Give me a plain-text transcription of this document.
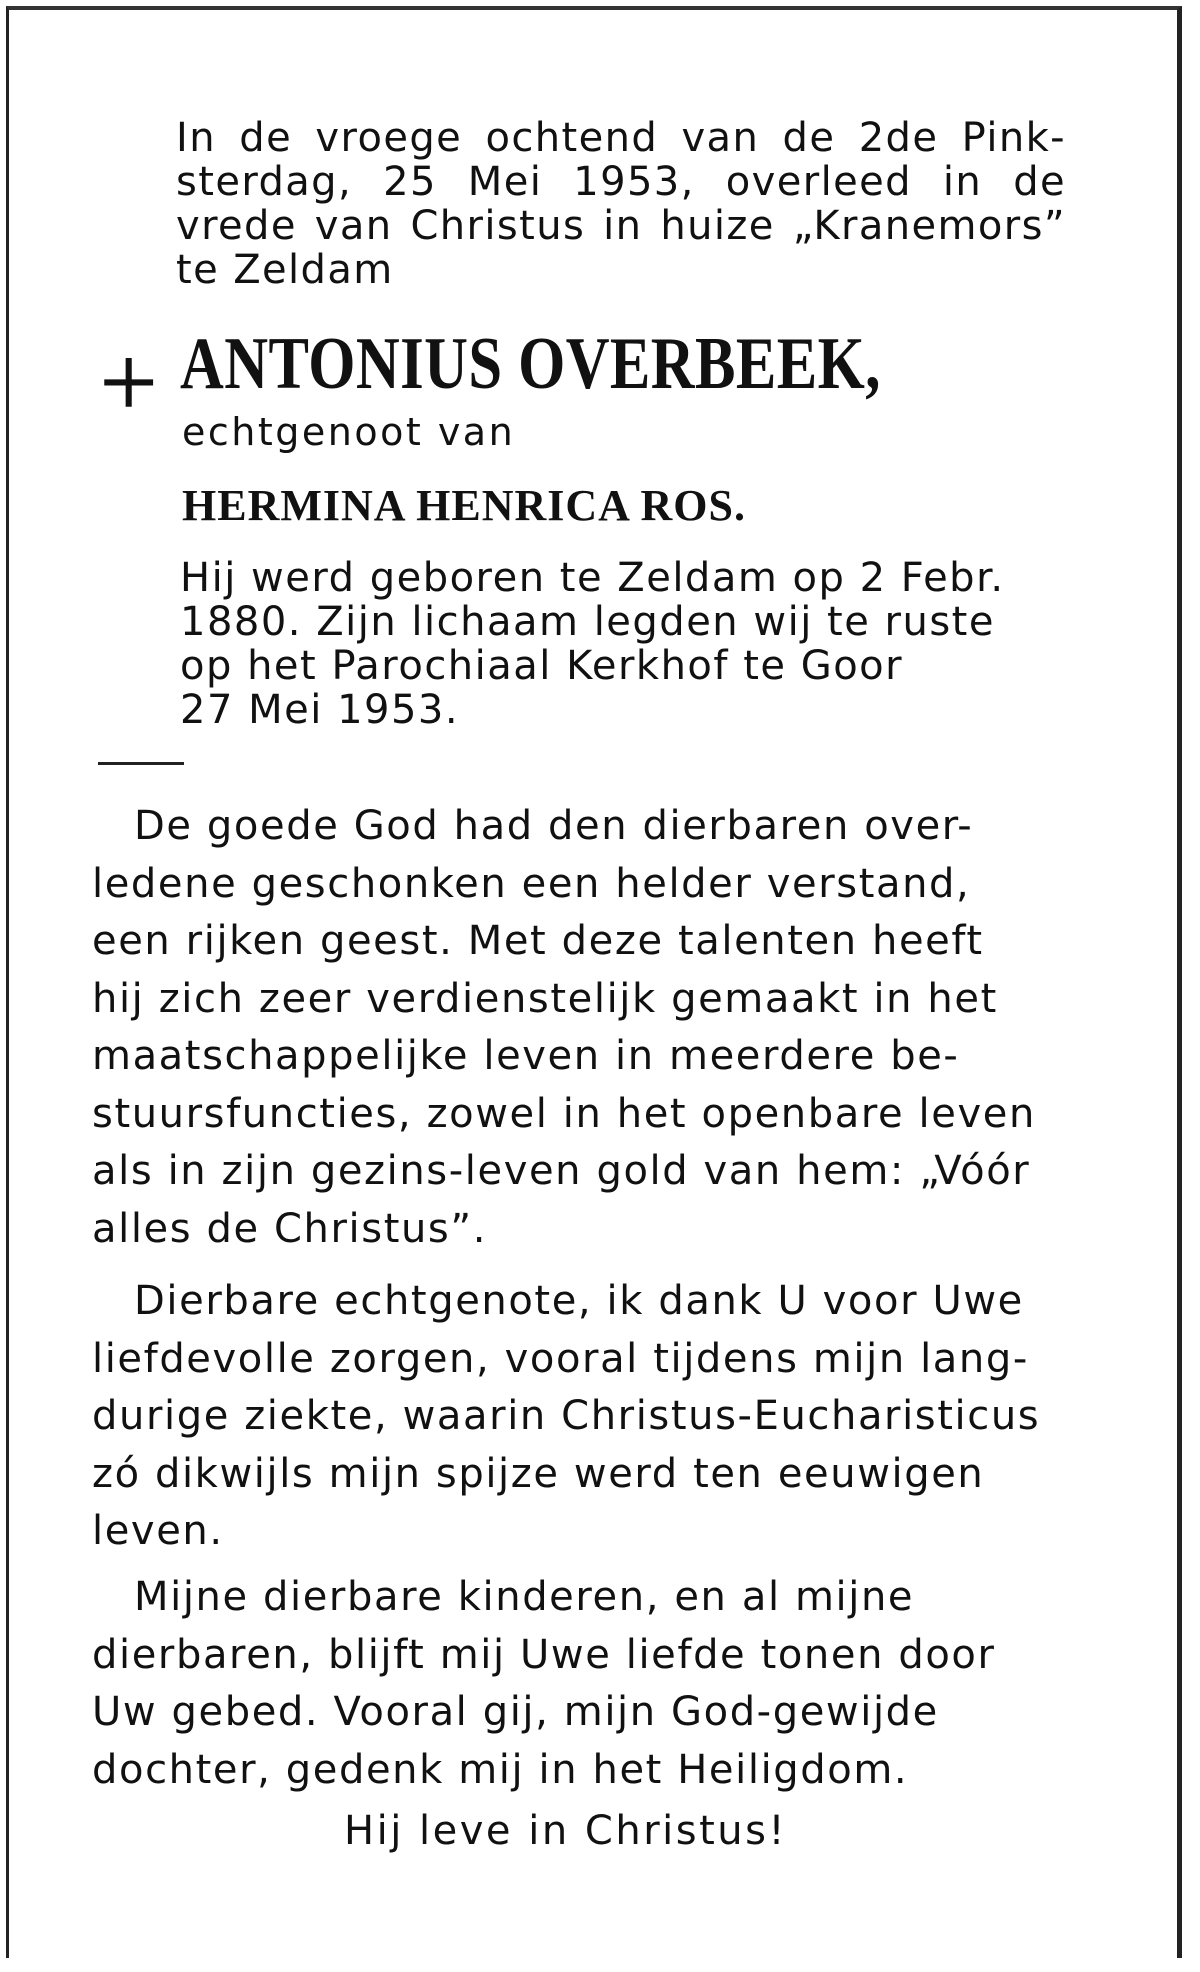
In de vroege ochtend van de 2de Pink-
sterdag, 25 Mei 1953, overleed in de
vrede van Christus in huize „Kranemors”
te Zeldam
+ ANTONIUS OVERBEEK,
echtgenoot van
HERMINA HENRICA ROS.
Hij werd geboren te Zeldam op 2 Febr.
1880. Zijn lichaam legden wij te ruste
op het Parochiaal Kerkhof te Goor
27 Mei 1953.
De goede God had den dierbaren over-
ledene geschonken een helder verstand,
een rijken geest. Met deze talenten heeft
hij zich zeer verdienstelijk gemaakt in het
maatschappelijke leven in meerdere be-
stuursfuncties, zowel in het openbare leven
als in zijn gezins-leven gold van hem: „Vóór
alles de Christus”.
Dierbare echtgenote, ik dank U voor Uwe
liefdevolle zorgen, vooral tijdens mijn lang-
durige ziekte, waarin Christus-Eucharisticus
zó dikwijls mijn spijze werd ten eeuwigen
leven.
Mijne dierbare kinderen, en al mijne
dierbaren, blijft mij Uwe liefde tonen door
Uw gebed. Vooral gij, mijn God-gewijde
dochter, gedenk mij in het Heiligdom.
Hij leve in Christus!
